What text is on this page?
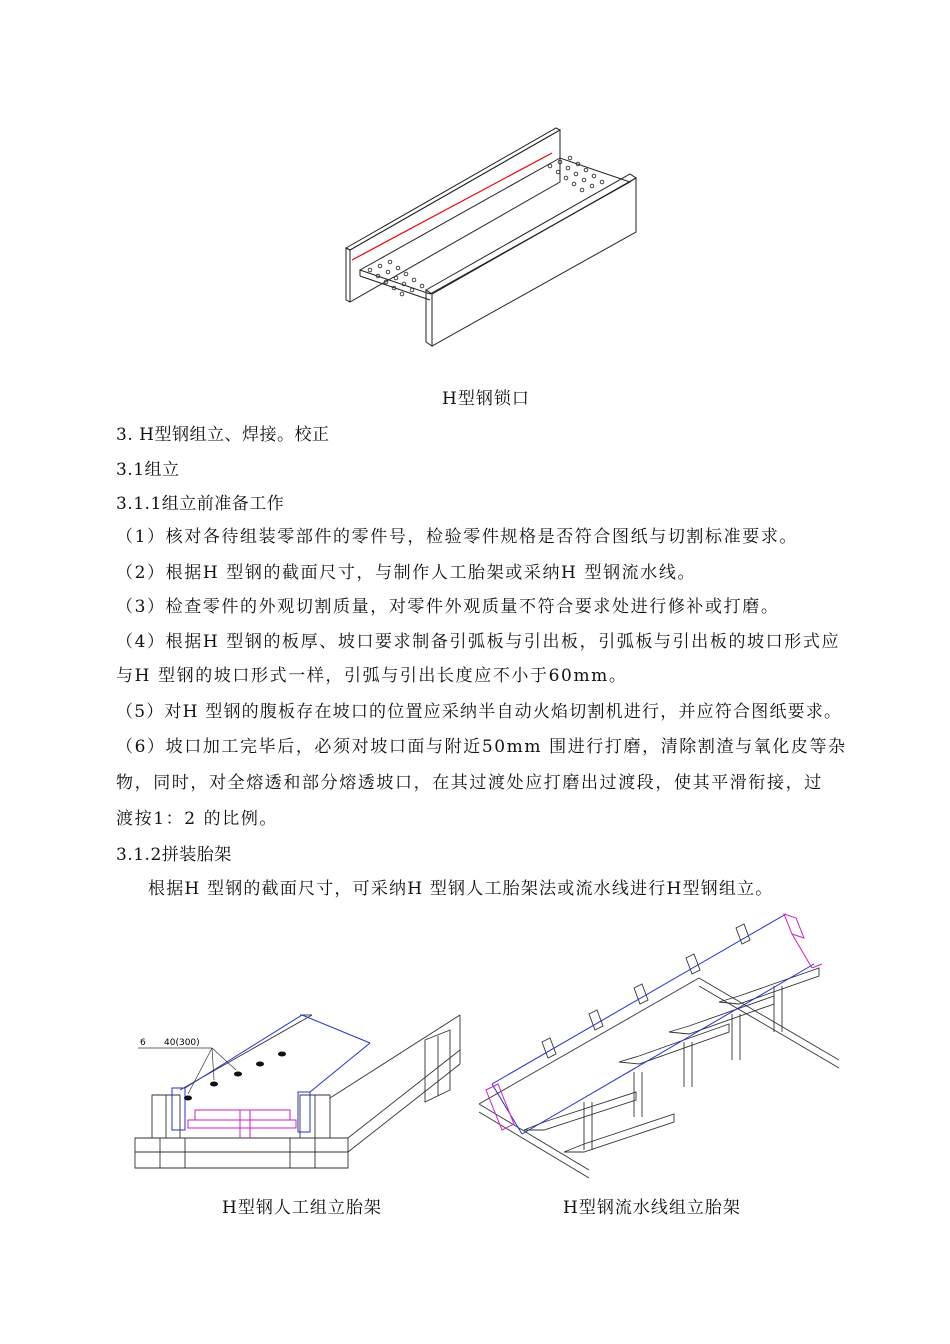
H型钢锁口
3. H型钢组立、焊接。校正
3.1组立
3.1.1组立前准备工作
（1）核对各待组装零部件的零件号，检验零件规格是否符合图纸与切割标准要求。
（2）根据H 型钢的截面尺寸，与制作人工胎架或采纳H 型钢流水线。
（3）检查零件的外观切割质量，对零件外观质量不符合要求处进行修补或打磨。
（4）根据H 型钢的板厚、坡口要求制备引弧板与引出板，引弧板与引出板的坡口形式应
与H 型钢的坡口形式一样，引弧与引出长度应不小于60mm。
（5）对H 型钢的腹板存在坡口的位置应采纳半自动火焰切割机进行，并应符合图纸要求。
（6）坡口加工完毕后，必须对坡口面与附近50mm 围进行打磨，清除割渣与氧化皮等杂
物，同时，对全熔透和部分熔透坡口，在其过渡处应打磨出过渡段，使其平滑衔接，过
渡按1：2 的比例。
3.1.2拼装胎架
根据H 型钢的截面尺寸，可采纳H 型钢人工胎架法或流水线进行H型钢组立。
6 40(300)
H型钢人工组立胎架	H型钢流水线组立胎架
